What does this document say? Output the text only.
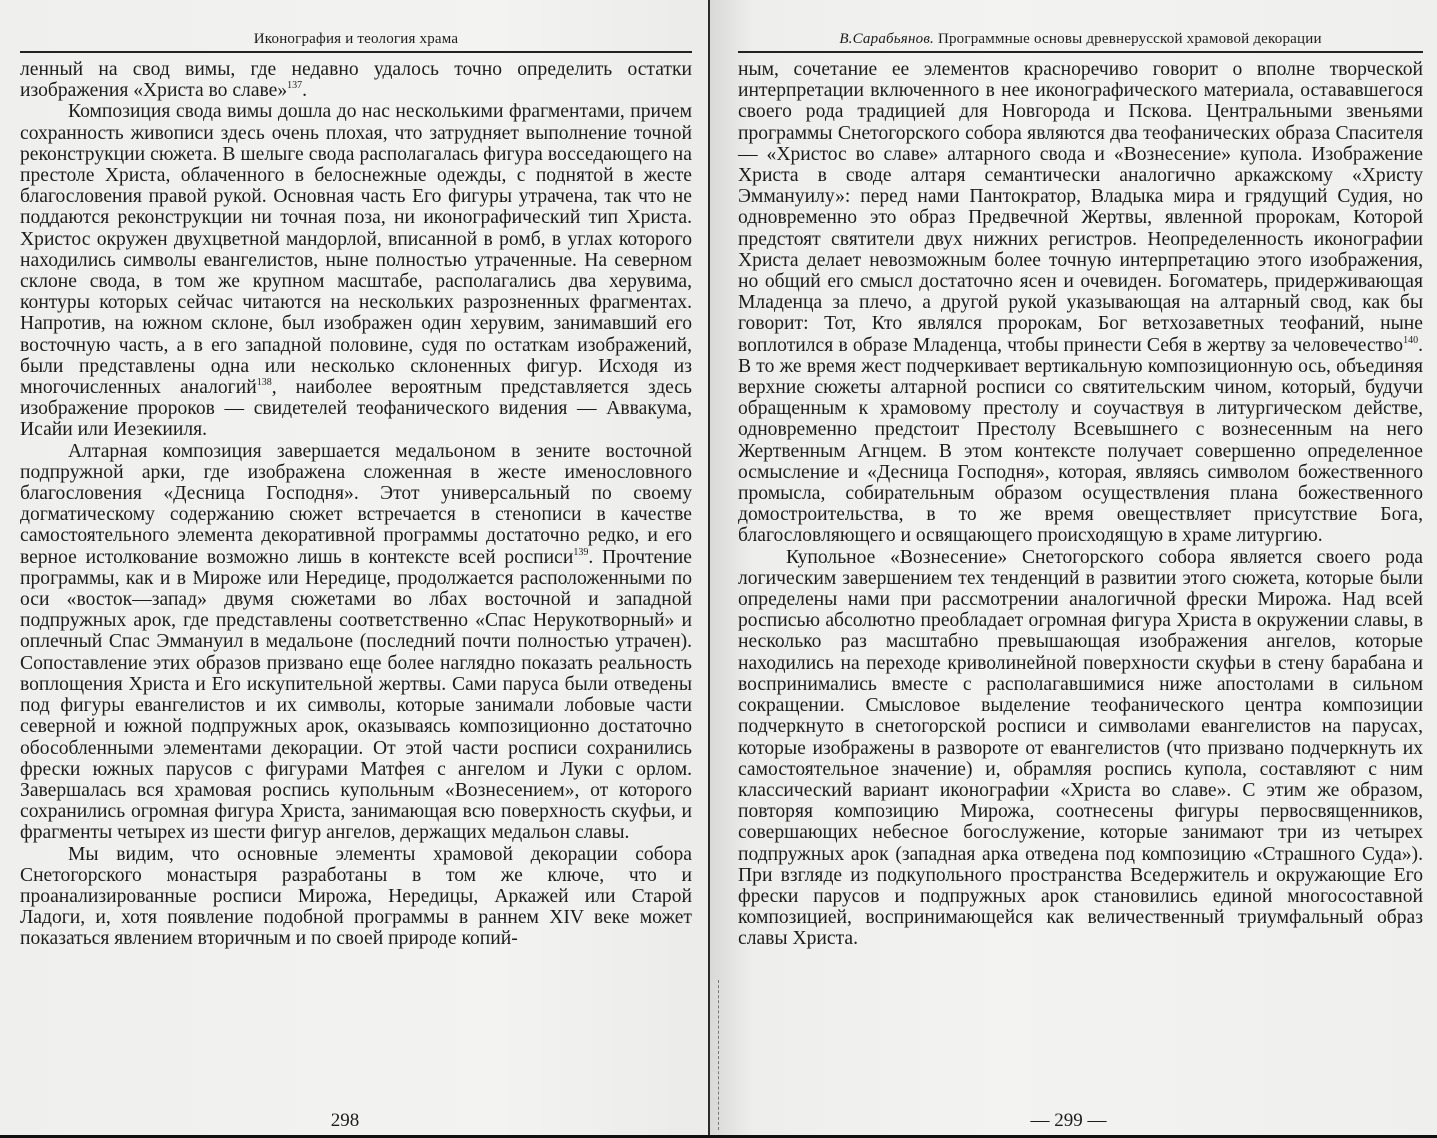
Иконография и теология храма

ленный на свод вимы, где недавно удалось точно определить остатки изображения «Христа во славе»$^{137}$.

Композиция свода вимы дошла до нас несколькими фрагментами, причем сохранность живописи здесь очень плохая, что затрудняет выполнение точной реконструкции сюжета. В шелыге свода располагалась фигура восседающего на престоле Христа, облаченного в белоснежные одежды, с поднятой в жесте благословения правой рукой. Основная часть Его фигуры утрачена, так что не поддаются реконструкции ни точная поза, ни иконографический тип Христа. Христос окружен двухцветной мандорлой, вписанной в ромб, в углах которого находились символы евангелистов, ныне полностью утраченные. На северном склоне свода, в том же крупном масштабе, располагались два херувима, контуры которых сейчас читаются на нескольких разрозненных фрагментах. Напротив, на южном склоне, был изображен один херувим, занимавший его восточную часть, а в его западной половине, судя по остаткам изображений, были представлены одна или несколько склоненных фигур. Исходя из многочисленных аналогий$^{138}$, наиболее вероятным представляется здесь изображение пророков — свидетелей теофанического видения — Аввакума, Исайи или Иезекииля.

Алтарная композиция завершается медальоном в зените восточной подпружной арки, где изображена сложенная в жесте именословного благословения «Десница Господня». Этот универсальный по своему догматическому содержанию сюжет встречается в стенописи в качестве самостоятельного элемента декоративной программы достаточно редко, и его верное истолкование возможно лишь в контексте всей росписи$^{139}$. Прочтение программы, как и в Мироже или Нередице, продолжается расположенными по оси «восток—запад» двумя сюжетами во лбах восточной и западной подпружных арок, где представлены соответственно «Спас Нерукотворный» и оплечный Спас Эммануил в медальоне (последний почти полностью утрачен). Сопоставление этих образов призвано еще более наглядно показать реальность воплощения Христа и Его искупительной жертвы. Сами паруса были отведены под фигуры евангелистов и их символы, которые занимали лобовые части северной и южной подпружных арок, оказываясь композиционно достаточно обособленными элементами декорации. От этой части росписи сохранились фрески южных парусов с фигурами Матфея с ангелом и Луки с орлом. Завершалась вся храмовая роспись купольным «Вознесением», от которого сохранились огромная фигура Христа, занимающая всю поверхность скуфьи, и фрагменты четырех из шести фигур ангелов, держащих медальон славы.

Мы видим, что основные элементы храмовой декорации собора Снетогорского монастыря разработаны в том же ключе, что и проанализированные росписи Мирожа, Нередицы, Аркажей или Старой Ладоги, и, хотя появление подобной программы в раннем XIV веке может показаться явлением вторичным и по своей природе копий-

298
В.Сарабьянов. Программные основы древнерусской храмовой декорации

ным, сочетание ее элементов красноречиво говорит о вполне творческой интерпретации включенного в нее иконографического материала, остававшегося своего рода традицией для Новгорода и Пскова. Центральными звеньями программы Снетогорского собора являются два теофанических образа Спасителя — «Христос во славе» алтарного свода и «Вознесение» купола. Изображение Христа в своде алтаря семантически аналогично аркажскому «Христу Эммануилу»: перед нами Пантократор, Владыка мира и грядущий Судия, но одновременно это образ Предвечной Жертвы, явленной пророкам, Которой предстоят святители двух нижних регистров. Неопределенность иконографии Христа делает невозможным более точную интерпретацию этого изображения, но общий его смысл достаточно ясен и очевиден. Богоматерь, придерживающая Младенца за плечо, а другой рукой указывающая на алтарный свод, как бы говорит: Тот, Кто являлся пророкам, Бог ветхозаветных теофаний, ныне воплотился в образе Младенца, чтобы принести Себя в жертву за человечество$^{140}$. В то же время жест подчеркивает вертикальную композиционную ось, объединяя верхние сюжеты алтарной росписи со святительским чином, который, будучи обращенным к храмовому престолу и соучаствуя в литургическом действе, одновременно предстоит Престолу Всевышнего с вознесенным на него Жертвенным Агнцем. В этом контексте получает совершенно определенное осмысление и «Десница Господня», которая, являясь символом божественного промысла, собирательным образом осуществления плана божественного домостроительства, в то же время овеществляет присутствие Бога, благословляющего и освящающего происходящую в храме литургию.

Купольное «Вознесение» Снетогорского собора является своего рода логическим завершением тех тенденций в развитии этого сюжета, которые были определены нами при рассмотрении аналогичной фрески Мирожа. Над всей росписью абсолютно преобладает огромная фигура Христа в окружении славы, в несколько раз масштабно превышающая изображения ангелов, которые находились на переходе криволинейной поверхности скуфьи в стену барабана и воспринимались вместе с располагавшимися ниже апостолами в сильном сокращении. Смысловое выделение теофанического центра композиции подчеркнуто в снетогорской росписи и символами евангелистов на парусах, которые изображены в развороте от евангелистов (что призвано подчеркнуть их самостоятельное значение) и, обрамляя роспись купола, составляют с ним классический вариант иконографии «Христа во славе». С этим же образом, повторяя композицию Мирожа, соотнесены фигуры первосвященников, совершающих небесное богослужение, которые занимают три из четырех подпружных арок (западная арка отведена под композицию «Страшного Суда»). При взгляде из подкупольного пространства Вседержитель и окружающие Его фрески парусов и подпружных арок становились единой многосоставной композицией, воспринимающейся как величественный триумфальный образ славы Христа.

— 299 —
